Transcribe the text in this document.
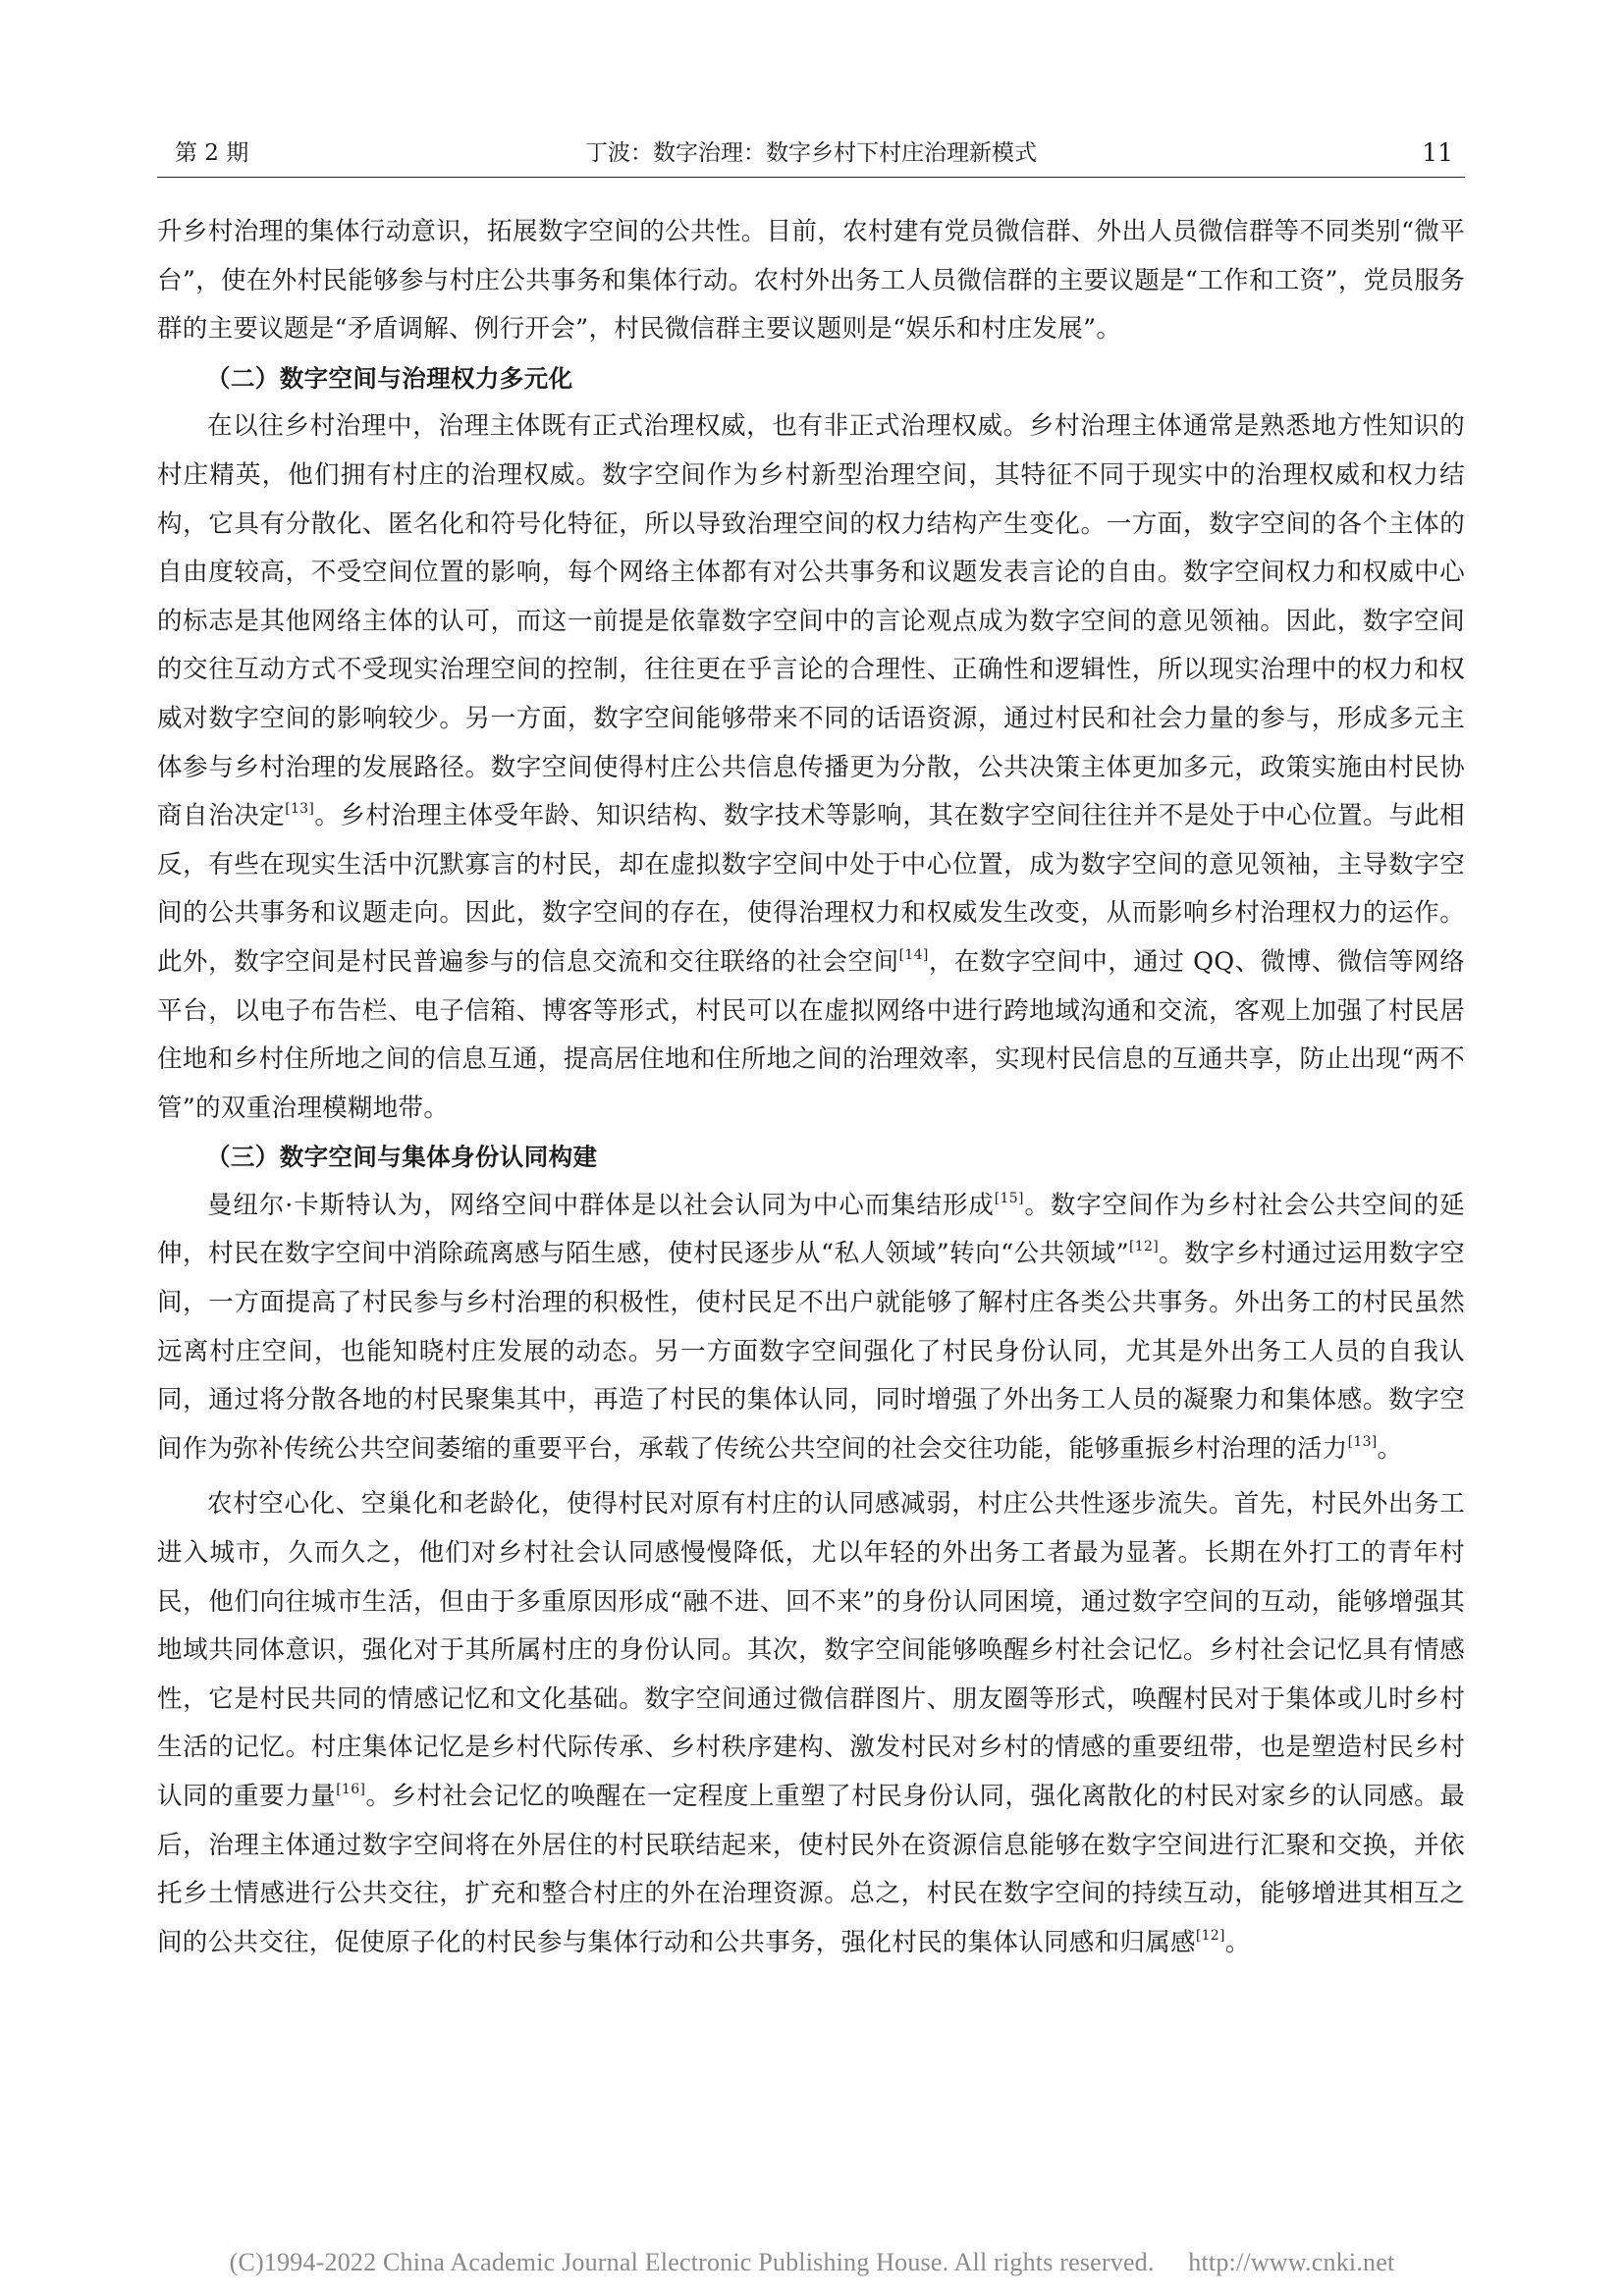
第 2 期	丁波：数字治理：数字乡村下村庄治理新模式	11

升乡村治理的集体行动意识，拓展数字空间的公共性。目前，农村建有党员微信群、外出人员微信群等不同类别“微平台”，使在外村民能够参与村庄公共事务和集体行动。农村外出务工人员微信群的主要议题是“工作和工资”，党员服务群的主要议题是“矛盾调解、例行开会”，村民微信群主要议题则是“娱乐和村庄发展”。

（二）数字空间与治理权力多元化

在以往乡村治理中，治理主体既有正式治理权威，也有非正式治理权威。乡村治理主体通常是熟悉地方性知识的村庄精英，他们拥有村庄的治理权威。数字空间作为乡村新型治理空间，其特征不同于现实中的治理权威和权力结构，它具有分散化、匿名化和符号化特征，所以导致治理空间的权力结构产生变化。一方面，数字空间的各个主体的自由度较高，不受空间位置的影响，每个网络主体都有对公共事务和议题发表言论的自由。数字空间权力和权威中心的标志是其他网络主体的认可，而这一前提是依靠数字空间中的言论观点成为数字空间的意见领袖。因此，数字空间的交往互动方式不受现实治理空间的控制，往往更在乎言论的合理性、正确性和逻辑性，所以现实治理中的权力和权威对数字空间的影响较少。另一方面，数字空间能够带来不同的话语资源，通过村民和社会力量的参与，形成多元主体参与乡村治理的发展路径。数字空间使得村庄公共信息传播更为分散，公共决策主体更加多元，政策实施由村民协商自治决定[13]。乡村治理主体受年龄、知识结构、数字技术等影响，其在数字空间往往并不是处于中心位置。与此相反，有些在现实生活中沉默寡言的村民，却在虚拟数字空间中处于中心位置，成为数字空间的意见领袖，主导数字空间的公共事务和议题走向。因此，数字空间的存在，使得治理权力和权威发生改变，从而影响乡村治理权力的运作。此外，数字空间是村民普遍参与的信息交流和交往联络的社会空间[14]，在数字空间中，通过 QQ、微博、微信等网络平台，以电子布告栏、电子信箱、博客等形式，村民可以在虚拟网络中进行跨地域沟通和交流，客观上加强了村民居住地和乡村住所地之间的信息互通，提高居住地和住所地之间的治理效率，实现村民信息的互通共享，防止出现“两不管”的双重治理模糊地带。

（三）数字空间与集体身份认同构建

曼纽尔·卡斯特认为，网络空间中群体是以社会认同为中心而集结形成[15]。数字空间作为乡村社会公共空间的延伸，村民在数字空间中消除疏离感与陌生感，使村民逐步从“私人领域”转向“公共领域”[12]。数字乡村通过运用数字空间，一方面提高了村民参与乡村治理的积极性，使村民足不出户就能够了解村庄各类公共事务。外出务工的村民虽然远离村庄空间，也能知晓村庄发展的动态。另一方面数字空间强化了村民身份认同，尤其是外出务工人员的自我认同，通过将分散各地的村民聚集其中，再造了村民的集体认同，同时增强了外出务工人员的凝聚力和集体感。数字空间作为弥补传统公共空间萎缩的重要平台，承载了传统公共空间的社会交往功能，能够重振乡村治理的活力[13]。

农村空心化、空巢化和老龄化，使得村民对原有村庄的认同感减弱，村庄公共性逐步流失。首先，村民外出务工进入城市，久而久之，他们对乡村社会认同感慢慢降低，尤以年轻的外出务工者最为显著。长期在外打工的青年村民，他们向往城市生活，但由于多重原因形成“融不进、回不来”的身份认同困境，通过数字空间的互动，能够增强其地域共同体意识，强化对于其所属村庄的身份认同。其次，数字空间能够唤醒乡村社会记忆。乡村社会记忆具有情感性，它是村民共同的情感记忆和文化基础。数字空间通过微信群图片、朋友圈等形式，唤醒村民对于集体或儿时乡村生活的记忆。村庄集体记忆是乡村代际传承、乡村秩序建构、激发村民对乡村的情感的重要纽带，也是塑造村民乡村认同的重要力量[16]。乡村社会记忆的唤醒在一定程度上重塑了村民身份认同，强化离散化的村民对家乡的认同感。最后，治理主体通过数字空间将在外居住的村民联结起来，使村民外在资源信息能够在数字空间进行汇聚和交换，并依托乡土情感进行公共交往，扩充和整合村庄的外在治理资源。总之，村民在数字空间的持续互动，能够增进其相互之间的公共交往，促使原子化的村民参与集体行动和公共事务，强化村民的集体认同感和归属感[12]。

(C)1994-2022 China Academic Journal Electronic Publishing House. All rights reserved. http://www.cnki.net
